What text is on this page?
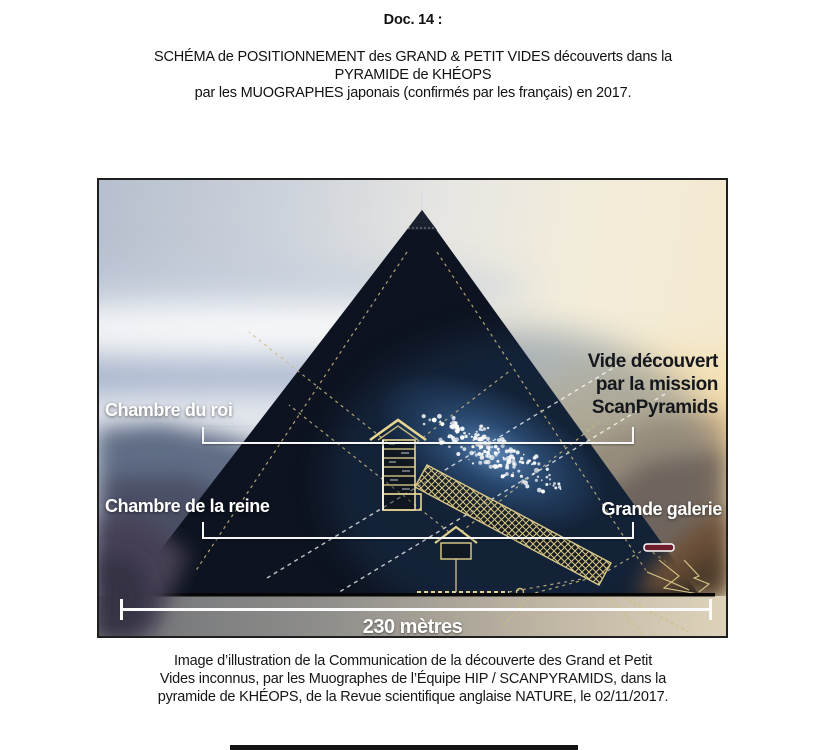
Doc. 14 :
SCHÉMA de POSITIONNEMENT des GRAND & PETIT VIDES découverts dans la
PYRAMIDE de KHÉOPS
par les MUOGRAPHES japonais (confirmés par les français) en 2017.
Chambre du roi
Chambre de la reine	Grande galerie
Vide découvert
par la mission
ScanPyramids
230 mètres
Image d’illustration de la Communication de la découverte des Grand et Petit
Vides inconnus, par les Muographes de l’Équipe HIP / SCANPYRAMIDS, dans la
pyramide de KHÉOPS, de la Revue scientifique anglaise NATURE, le 02/11/2017.
